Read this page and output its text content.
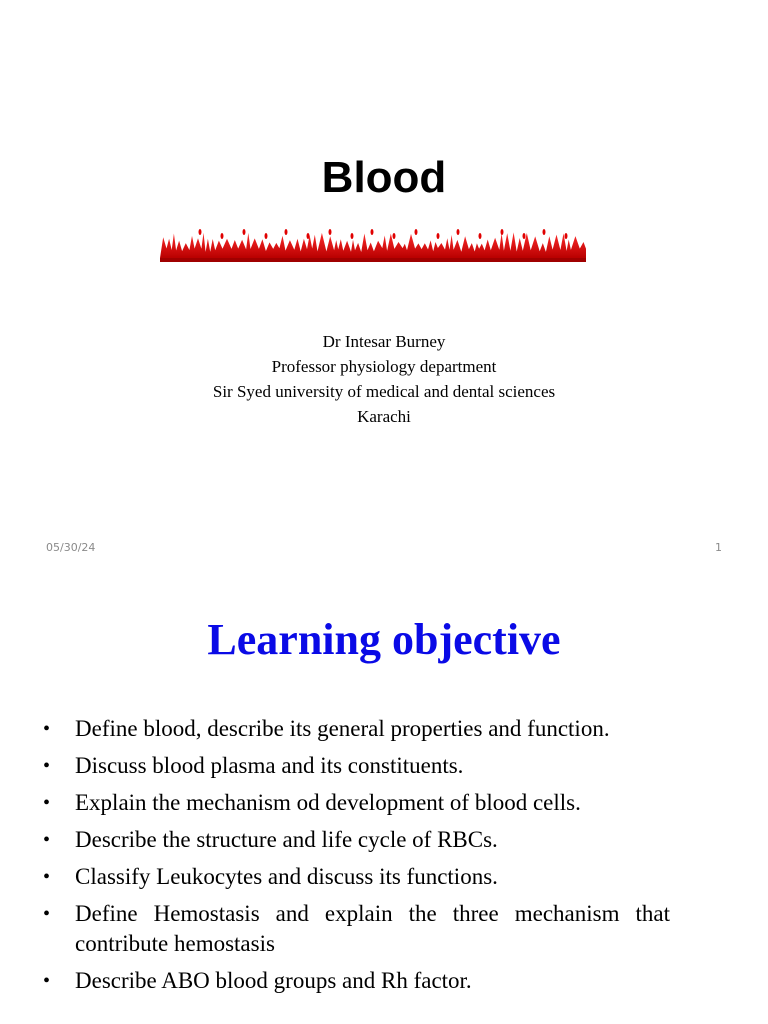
Blood
Dr Intesar Burney
Professor physiology department
Sir Syed university of medical and dental sciences
Karachi
05/30/24	1
Learning objective
• Define blood, describe its general properties and function.
• Discuss blood plasma and its constituents.
• Explain the mechanism od development of blood cells.
• Describe the structure and life cycle of RBCs.
• Classify Leukocytes and discuss its functions.
• Define Hemostasis and explain the three mechanism that contribute hemostasis
• Describe ABO blood groups and Rh factor.
